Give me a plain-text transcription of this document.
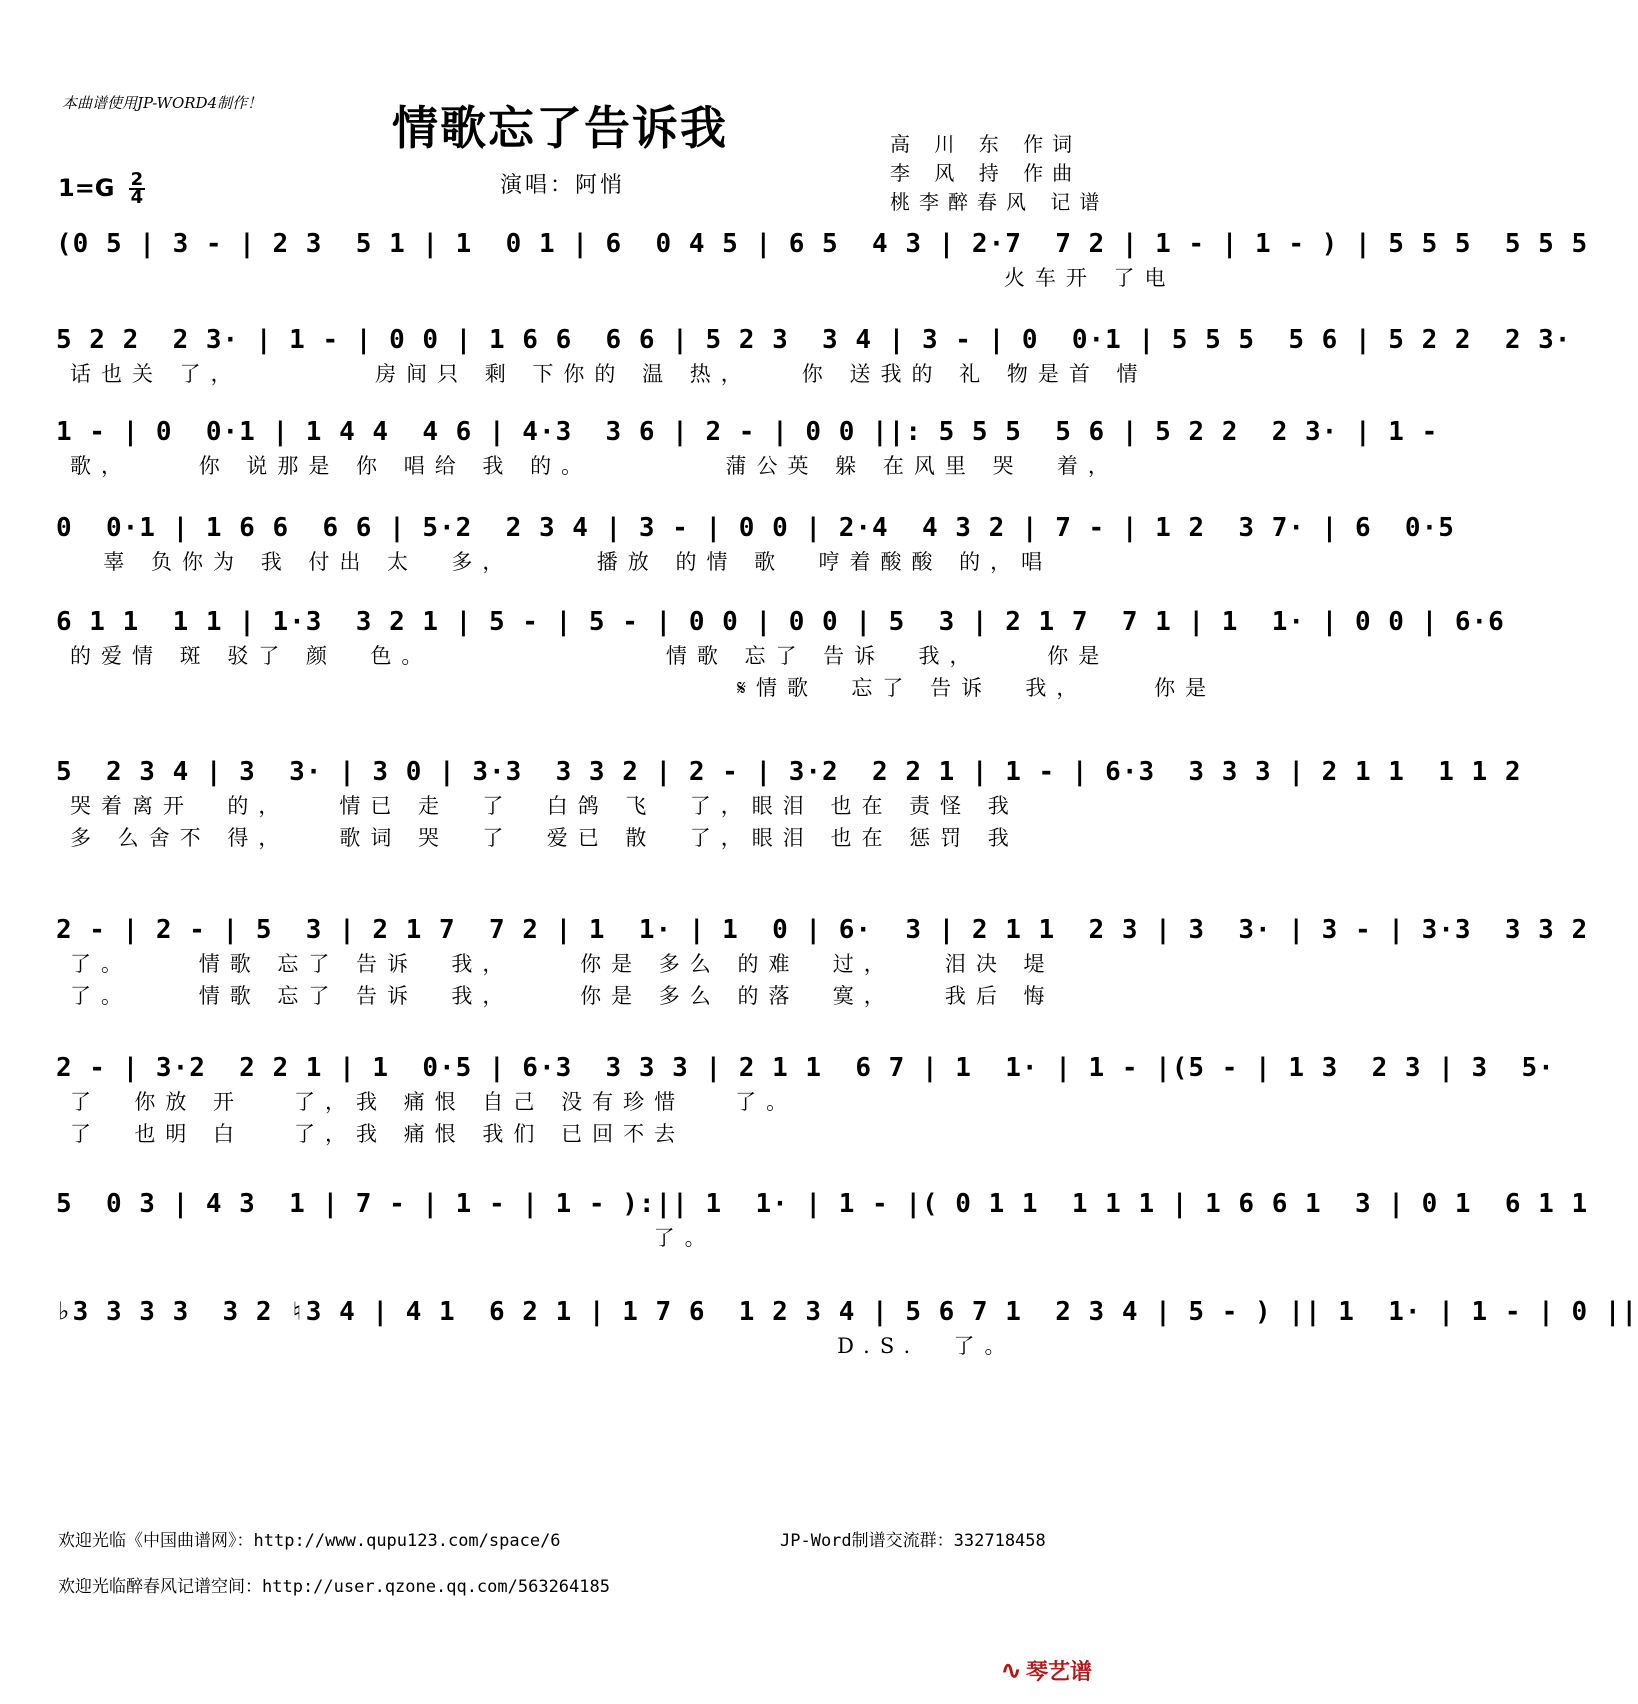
本曲谱使用JP-WORD4制作！	情歌忘了告诉我	高 川 东 作词
李 风 持 作曲
桃李醉春风 记谱
$1=G \frac{2}{4}$	演唱：阿悄
(0 5 | 3 - | 2 3  5 1 | 1  0 1 | 6  0 4 5 | 6 5  4 3 | 2·7  7 2 | 1 - | 1 - ) | 5 5 5  5 5 5
火车开 了电
5 2 2  2 3· | 1 - | 0 0 | 1 6 6  6 6 | 5 2 3  3 4 | 3 - | 0  0·1 | 5 5 5  5 6 | 5 2 2  2 3·
话也关 了，        房间只 剩 下你的 温 热，   你 送我的 礼 物是首 情
1 - | 0  0·1 | 1 4 4  4 6 | 4·3  3 6 | 2 - | 0 0 ||: 5 5 5  5 6 | 5 2 2  2 3· | 1 -
歌，    你 说那是 你 唱给 我 的。        蒲公英 躲 在风里 哭  着，
0  0·1 | 1 6 6  6 6 | 5·2  2 3 4 | 3 - | 0 0 | 2·4  4 3 2 | 7 - | 1 2  3 7· | 6  0·5
辜 负你为 我 付出 太  多，     播放 的情 歌  哼着酸酸 的，唱
6 1 1  1 1 | 1·3  3 2 1 | 5 - | 5 - | 0 0 | 0 0 | 5  3 | 2 1 7  7 1 | 1  1· | 0 0 | 6·6
的爱情 斑 驳了 颜  色。              情歌 忘了 告诉  我，    你是
𝄋情歌  忘了 告诉  我，    你是
5  2 3 4 | 3  3· | 3 0 | 3·3  3 3 2 | 2 - | 3·2  2 2 1 | 1 - | 6·3  3 3 3 | 2 1 1  1 1 2
哭着离开  的，   情已 走  了  白鸽 飞  了，眼泪 也在 责怪 我
多 么舍不 得，   歌词 哭  了  爱已 散  了，眼泪 也在 惩罚 我
2 - | 2 - | 5  3 | 2 1 7  7 2 | 1  1· | 1  0 | 6·  3 | 2 1 1  2 3 | 3  3· | 3 - | 3·3  3 3 2
了。    情歌 忘了 告诉  我，    你是 多么 的难  过，   泪决 堤
了。    情歌 忘了 告诉  我，    你是 多么 的落  寞，   我后 悔
2 - | 3·2  2 2 1 | 1  0·5 | 6·3  3 3 3 | 2 1 1  6 7 | 1  1· | 1 - |(5 - | 1 3  2 3 | 3  5·
了  你放 开   了，我 痛恨 自己 没有珍惜   了。
了  也明 白   了，我 痛恨 我们 已回不去
5  0 3 | 4 3  1 | 7 - | 1 - | 1 - ):|| 1  1· | 1 - |( 0 1 1  1 1 1 | 1 6 6 1  3 | 0 1  6 1 1
了。
♭3 3 3 3  3 2 ♮3 4 | 4 1  6 2 1 | 1 7 6  1 2 3 4 | 5 6 7 1  2 3 4 | 5 - ) || 1  1· | 1 - | 0 ||
D.S.  了。
欢迎光临《中国曲谱网》：http://www.qupu123.com/space/6	JP-Word制谱交流群：332718458
欢迎光临醉春风记谱空间：http://user.qzone.qq.com/563264185
∿ 琴艺谱
